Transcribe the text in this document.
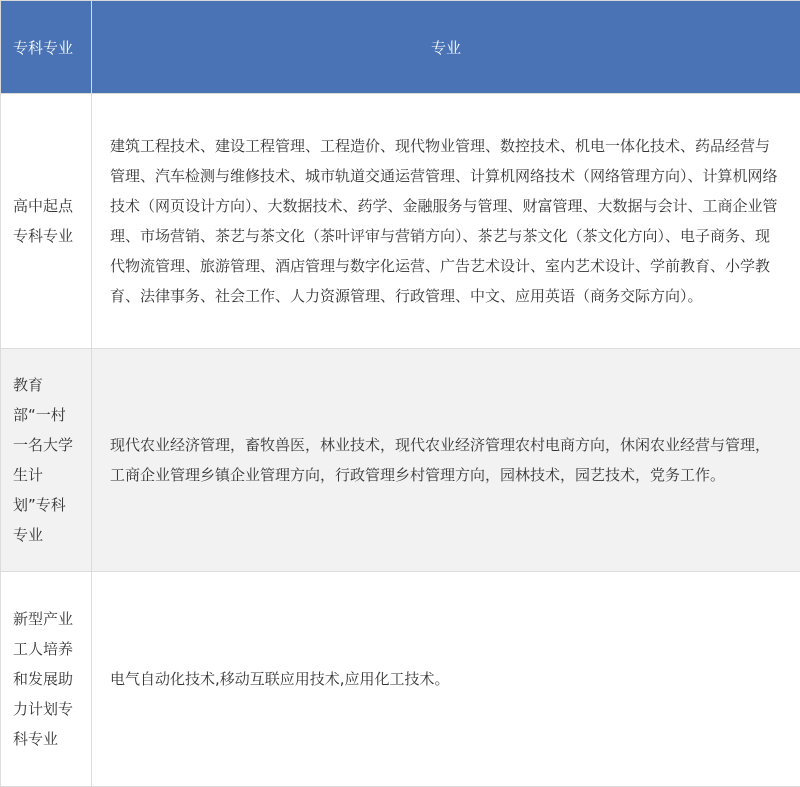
专科专业	专业

高中起点专科专业	建筑工程技术、建设工程管理、工程造价、现代物业管理、数控技术、机电一体化技术、药品经营与管理、汽车检测与维修技术、城市轨道交通运营管理、计算机网络技术（网络管理方向）、计算机网络技术（网页设计方向）、大数据技术、药学、金融服务与管理、财富管理、大数据与会计、工商企业管理、市场营销、茶艺与茶文化（茶叶评审与营销方向）、茶艺与茶文化（茶文化方向）、电子商务、现代物流管理、旅游管理、酒店管理与数字化运营、广告艺术设计、室内艺术设计、学前教育、小学教育、法律事务、社会工作、人力资源管理、行政管理、中文、应用英语（商务交际方向）。

教育部“一村一名大学生计划”专科专业	现代农业经济管理，畜牧兽医，林业技术，现代农业经济管理农村电商方向，休闲农业经营与管理，工商企业管理乡镇企业管理方向，行政管理乡村管理方向，园林技术，园艺技术，党务工作。

新型产业工人培养和发展助力计划专科专业	电气自动化技术,移动互联应用技术,应用化工技术。
